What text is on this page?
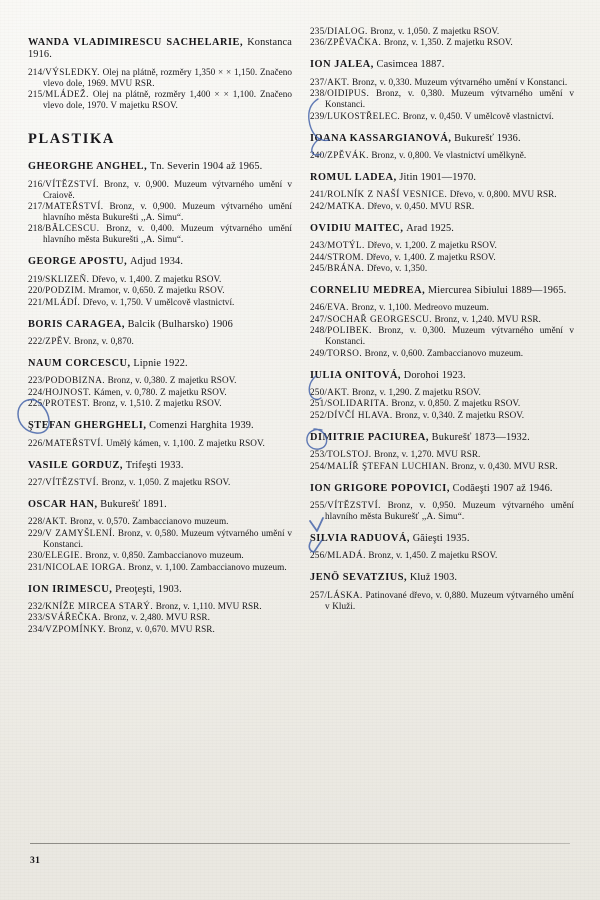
WANDA VLADIMIRESCU SACHELARIE, Konstanca 1916.

214/VÝSLEDKY. Olej na plátně, rozměry 1,350 × × 1,150. Značeno vlevo dole, 1969. MVU RSR.
215/MLÁDEŽ. Olej na plátně, rozměry 1,400 × × 1,100. Značeno vlevo dole, 1970. V majetku RSOV.
PLASTIKA

GHEORGHE ANGHEL, Tn. Severin 1904 až 1965.

216/VÍTĚZSTVÍ. Bronz, v. 0,900. Muzeum výtvarného umění v Craiově.
217/MATEŘSTVÍ. Bronz, v. 0,900. Muzeum výtvarného umění hlavního města Bukurešti ,,A. Simu“.
218/BĂLCESCU. Bronz, v. 0,400. Muzeum výtvarného umění hlavního města Bukurešti ,,A. Simu“.

GEORGE APOSTU, Adjud 1934.

219/SKLIZEŇ. Dřevo, v. 1,400. Z majetku RSOV.
220/PODZIM. Mramor, v. 0,650. Z majetku RSOV.
221/MLÁDÍ. Dřevo, v. 1,750. V umělcově vlastnictví.

BORIS CARAGEA, Balcik (Bulharsko) 1906

222/ZPĚV. Bronz, v. 0,870.

NAUM CORCESCU, Lipnie 1922.

223/PODOBIZNA. Bronz, v. 0,380. Z majetku RSOV.
224/HOJNOST. Kámen, v. 0,780. Z majetku RSOV.
225/PROTEST. Bronz, v. 1,510. Z majetku RSOV.

ŞTEFAN GHERGHELI, Comenzi Harghita 1939.

226/MATEŘSTVÍ. Umělý kámen, v. 1,100. Z majetku RSOV.

VASILE GORDUZ, Trifeşti 1933.

227/VÍTĚZSTVÍ. Bronz, v. 1,050. Z majetku RSOV.

OSCAR HAN, Bukurešť 1891.

228/AKT. Bronz, v. 0,570. Zambaccianovo muzeum.
229/V ZAMYŠLENÍ. Bronz, v. 0,580. Muzeum výtvarného umění v Konstanci.
230/ELEGIE. Bronz, v. 0,850. Zambaccianovo muzeum.
231/NICOLAE IORGA. Bronz, v. 1,100. Zambaccianovo muzeum.

ION IRIMESCU, Preoţeşti, 1903.

232/KNÍŽE MIRCEA STARÝ. Bronz, v. 1,110. MVU RSR.
233/SVÁŘEČKA. Bronz, v. 2,480. MVU RSR.
234/VZPOMÍNKY. Bronz, v. 0,670. MVU RSR.
235/DIALOG. Bronz, v. 1,050. Z majetku RSOV.
236/ZPĚVAČKA. Bronz, v. 1,350. Z majetku RSOV.

ION JALEA, Casimcea 1887.

237/AKT. Bronz, v. 0,330. Muzeum výtvarného umění v Konstanci.
238/OIDIPUS. Bronz, v. 0,380. Muzeum výtvarného umění v Konstanci.
239/LUKOSTŘELEC. Bronz, v. 0,450. V umělcově vlastnictví.

IOANA KASSARGIANOVÁ, Bukurešť 1936.

240/ZPĚVÁK. Bronz, v. 0,800. Ve vlastnictví umělkyně.

ROMUL LADEA, Jitin 1901—1970.

241/ROLNÍK Z NAŠÍ VESNICE. Dřevo, v. 0,800. MVU RSR.
242/MATKA. Dřevo, v. 0,450. MVU RSR.

OVIDIU MAITEC, Arad 1925.

243/MOTÝL. Dřevo, v. 1,200. Z majetku RSOV.
244/STROM. Dřevo, v. 1,400. Z majetku RSOV.
245/BRÁNA. Dřevo, v. 1,350.

CORNELIU MEDREA, Miercurea Sibiului 1889—1965.

246/EVA. Bronz, v. 1,100. Medreovo muzeum.
247/SOCHAŘ GEORGESCU. Bronz, v. 1,240. MVU RSR.
248/POLIBEK. Bronz, v. 0,300. Muzeum výtvarného umění v Konstanci.
249/TORSO. Bronz, v. 0,600. Zambaccianovo muzeum.

IULIA ONITOVÁ, Dorohoi 1923.

250/AKT. Bronz, v. 1,290. Z majetku RSOV.
251/SOLIDARITA. Bronz, v. 0,850. Z majetku RSOV.
252/DÍVČÍ HLAVA. Bronz, v. 0,340. Z majetku RSOV.

DIMITRIE PACIUREA, Bukurešť 1873—1932.

253/TOLSTOJ. Bronz, v. 1,270. MVU RSR.
254/MALÍŘ ŞTEFAN LUCHIAN. Bronz, v. 0,430. MVU RSR.

ION GRIGORE POPOVICI, Codăeşti 1907 až 1946.

255/VÍTĚZSTVÍ. Bronz, v. 0,950. Muzeum výtvarného umění hlavního města Bukurešť ,,A. Simu“.

SILVIA RADUOVÁ, Găieşti 1935.

256/MLADÁ. Bronz, v. 1,450. Z majetku RSOV.

JENÖ SEVATZIUS, Kluž 1903.

257/LÁSKA. Patinované dřevo, v. 0,880. Muzeum výtvarného umění v Kluži.
31
